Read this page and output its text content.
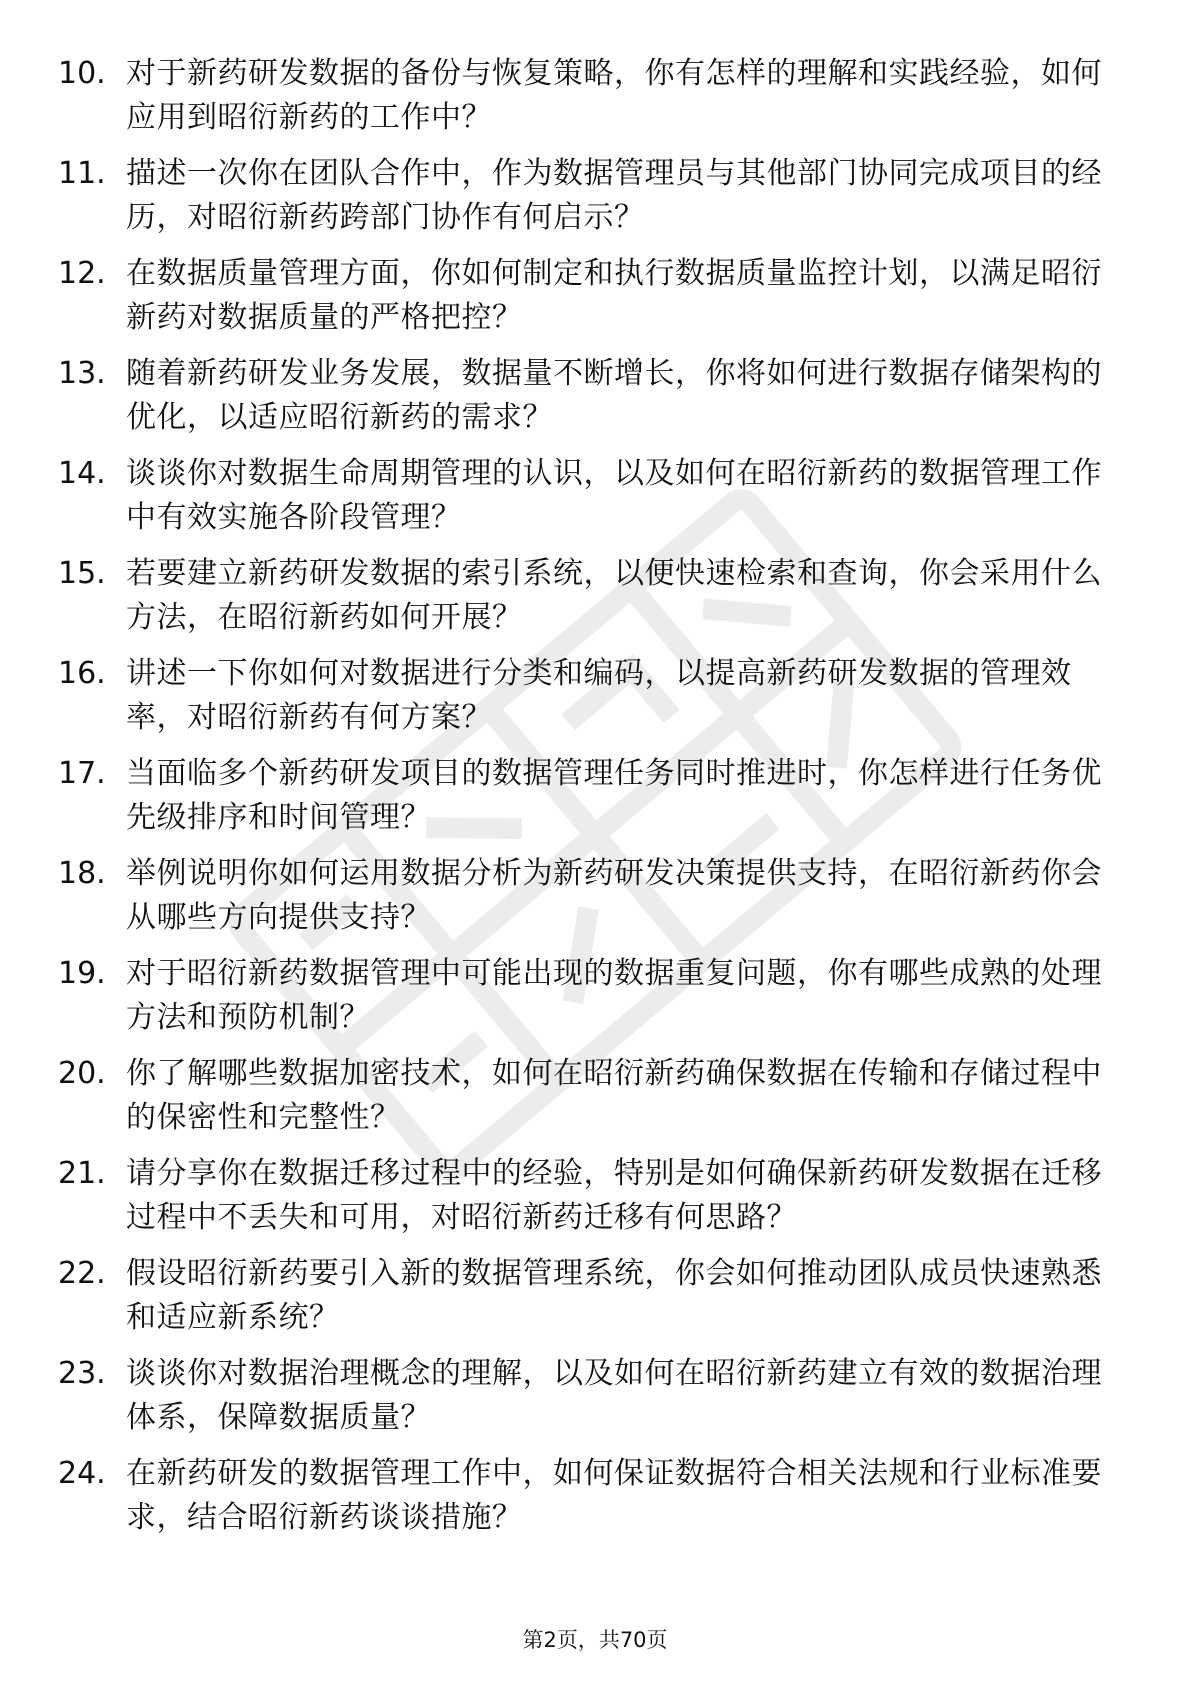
10. 对于新药研发数据的备份与恢复策略，你有怎样的理解和实践经验，如何应用到昭衍新药的工作中？
11. 描述一次你在团队合作中，作为数据管理员与其他部门协同完成项目的经历，对昭衍新药跨部门协作有何启示？
12. 在数据质量管理方面，你如何制定和执行数据质量监控计划，以满足昭衍新药对数据质量的严格把控？
13. 随着新药研发业务发展，数据量不断增长，你将如何进行数据存储架构的优化，以适应昭衍新药的需求？
14. 谈谈你对数据生命周期管理的认识，以及如何在昭衍新药的数据管理工作中有效实施各阶段管理？
15. 若要建立新药研发数据的索引系统，以便快速检索和查询，你会采用什么方法，在昭衍新药如何开展？
16. 讲述一下你如何对数据进行分类和编码，以提高新药研发数据的管理效率，对昭衍新药有何方案？
17. 当面临多个新药研发项目的数据管理任务同时推进时，你怎样进行任务优先级排序和时间管理？
18. 举例说明你如何运用数据分析为新药研发决策提供支持，在昭衍新药你会从哪些方向提供支持？
19. 对于昭衍新药数据管理中可能出现的数据重复问题，你有哪些成熟的处理方法和预防机制？
20. 你了解哪些数据加密技术，如何在昭衍新药确保数据在传输和存储过程中的保密性和完整性？
21. 请分享你在数据迁移过程中的经验，特别是如何确保新药研发数据在迁移过程中不丢失和可用，对昭衍新药迁移有何思路？
22. 假设昭衍新药要引入新的数据管理系统，你会如何推动团队成员快速熟悉和适应新系统？
23. 谈谈你对数据治理概念的理解，以及如何在昭衍新药建立有效的数据治理体系，保障数据质量？
24. 在新药研发的数据管理工作中，如何保证数据符合相关法规和行业标准要求，结合昭衍新药谈谈措施？
第2页，共70页
